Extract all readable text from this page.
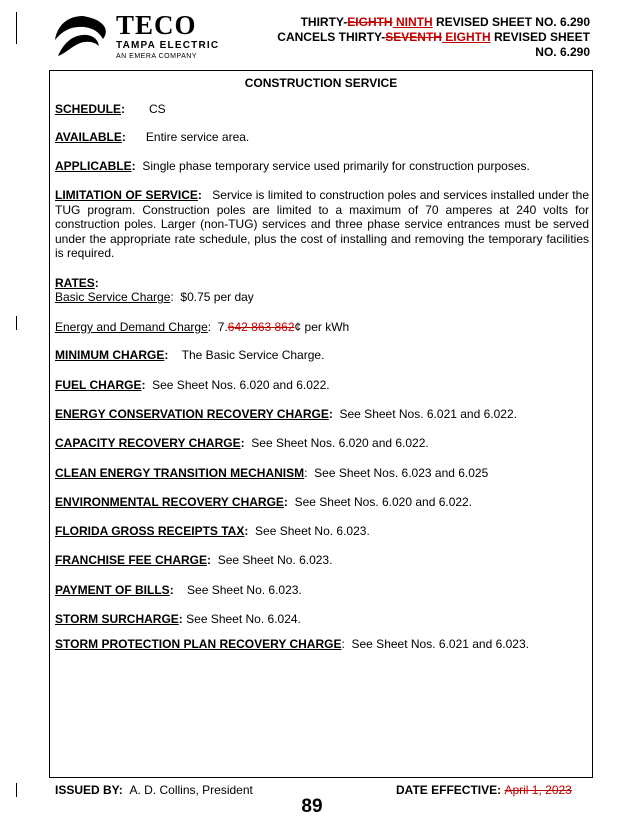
TECO
TAMPA ELECTRIC
AN EMERA COMPANY
THIRTY-EIGHTH NINTH REVISED SHEET NO. 6.290
CANCELS THIRTY-SEVENTH EIGHTH REVISED SHEET
NO. 6.290
CONSTRUCTION SERVICE
SCHEDULE: CS
AVAILABLE: Entire service area.
APPLICABLE: Single phase temporary service used primarily for construction purposes.
LIMITATION OF SERVICE: Service is limited to construction poles and services installed under the TUG program. Construction poles are limited to a maximum of 70 amperes at 240 volts for construction poles. Larger (non-TUG) services and three phase service entrances must be served under the appropriate rate schedule, plus the cost of installing and removing the temporary facilities is required.
RATES:
Basic Service Charge:  $0.75 per day
Energy and Demand Charge:  7.642 863 862¢ per kWh
MINIMUM CHARGE: The Basic Service Charge.
FUEL CHARGE: See Sheet Nos. 6.020 and 6.022.
ENERGY CONSERVATION RECOVERY CHARGE: See Sheet Nos. 6.021 and 6.022.
CAPACITY RECOVERY CHARGE: See Sheet Nos. 6.020 and 6.022.
CLEAN ENERGY TRANSITION MECHANISM:  See Sheet Nos. 6.023 and 6.025
ENVIRONMENTAL RECOVERY CHARGE: See Sheet Nos. 6.020 and 6.022.
FLORIDA GROSS RECEIPTS TAX: See Sheet No. 6.023.
FRANCHISE FEE CHARGE: See Sheet No. 6.023.
PAYMENT OF BILLS: See Sheet No. 6.023.
STORM SURCHARGE: See Sheet No. 6.024.
STORM PROTECTION PLAN RECOVERY CHARGE:  See Sheet Nos. 6.021 and 6.023.
ISSUED BY: A. D. Collins, President	DATE EFFECTIVE: April 1, 2023
89
